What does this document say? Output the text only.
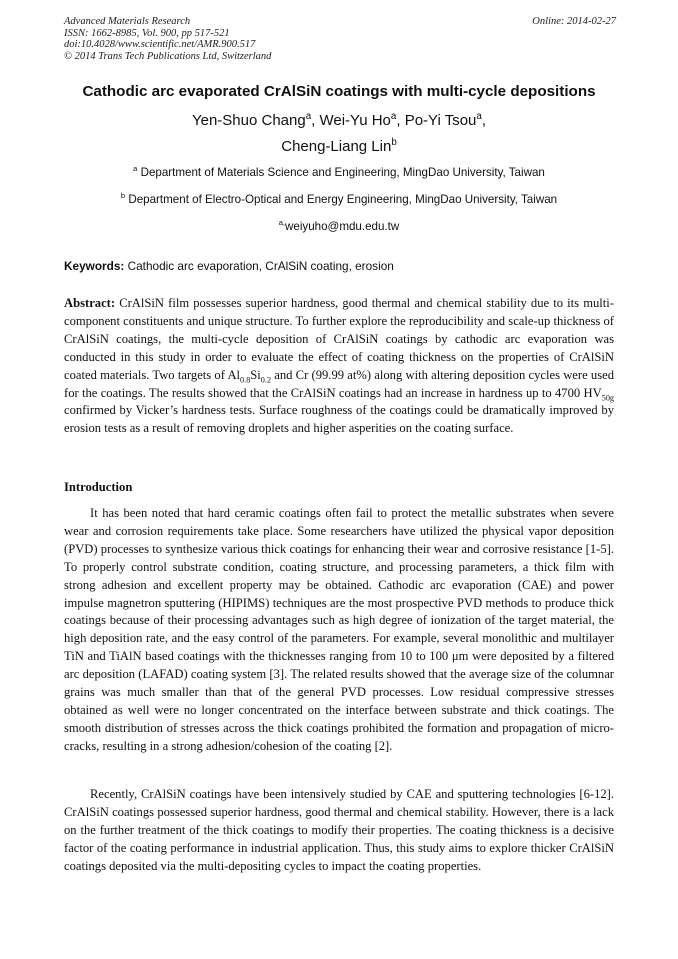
Advanced Materials Research
ISSN: 1662-8985, Vol. 900, pp 517-521
doi:10.4028/www.scientific.net/AMR.900.517
© 2014 Trans Tech Publications Ltd, Switzerland
Online: 2014-02-27
Cathodic arc evaporated CrAlSiN coatings with multi-cycle depositions
Yen-Shuo Chang$^a$, Wei-Yu Ho$^a$, Po-Yi Tsou$^a$,
Cheng-Liang Lin$^b$
$^a$ Department of Materials Science and Engineering, MingDao University, Taiwan
$^b$ Department of Electro-Optical and Energy Engineering, MingDao University, Taiwan
$^{a,}$weiyuho@mdu.edu.tw
Keywords: Cathodic arc evaporation, CrAlSiN coating, erosion
Abstract: CrAlSiN film possesses superior hardness, good thermal and chemical stability due to its multi-component constituents and unique structure. To further explore the reproducibility and scale-up thickness of CrAlSiN coatings, the multi-cycle deposition of CrAlSiN coatings by cathodic arc evaporation was conducted in this study in order to evaluate the effect of coating thickness on the properties of CrAlSiN coated materials. Two targets of $Al_{0.8}Si_{0.2}$ and Cr (99.99 at%) along with altering deposition cycles were used for the coatings. The results showed that the CrAlSiN coatings had an increase in hardness up to 4700 $HV_{50g}$ confirmed by Vicker’s hardness tests. Surface roughness of the coatings could be dramatically improved by erosion tests as a result of removing droplets and higher asperities on the coating surface.
Introduction
It has been noted that hard ceramic coatings often fail to protect the metallic substrates when severe wear and corrosion requirements take place. Some researchers have utilized the physical vapor deposition (PVD) processes to synthesize various thick coatings for enhancing their wear and corrosive resistance [1-5]. To properly control substrate condition, coating structure, and processing parameters, a thick film with strong adhesion and excellent property may be obtained. Cathodic arc evaporation (CAE) and power impulse magnetron sputtering (HIPIMS) techniques are the most prospective PVD methods to produce thick coatings because of their processing advantages such as high degree of ionization of the target material, the high deposition rate, and the easy control of the parameters. For example, several monolithic and multilayer TiN and TiAlN based coatings with the thicknesses ranging from 10 to 100 μm were deposited by a filtered arc deposition (LAFAD) coating system [3]. The related results showed that the average size of the columnar grains was much smaller than that of the general PVD processes. Low residual compressive stresses obtained as well were no longer concentrated on the interface between substrate and thick coatings. The smooth distribution of stresses across the thick coatings prohibited the formation and propagation of micro-cracks, resulting in a strong adhesion/cohesion of the coating [2].
Recently, CrAlSiN coatings have been intensively studied by CAE and sputtering technologies [6-12]. CrAlSiN coatings possessed superior hardness, good thermal and chemical stability. However, there is a lack on the further treatment of the thick coatings to modify their properties. The coating thickness is a decisive factor of the coating performance in industrial application. Thus, this study aims to explore thicker CrAlSiN coatings deposited via the multi-depositing cycles to impact the coating properties.
